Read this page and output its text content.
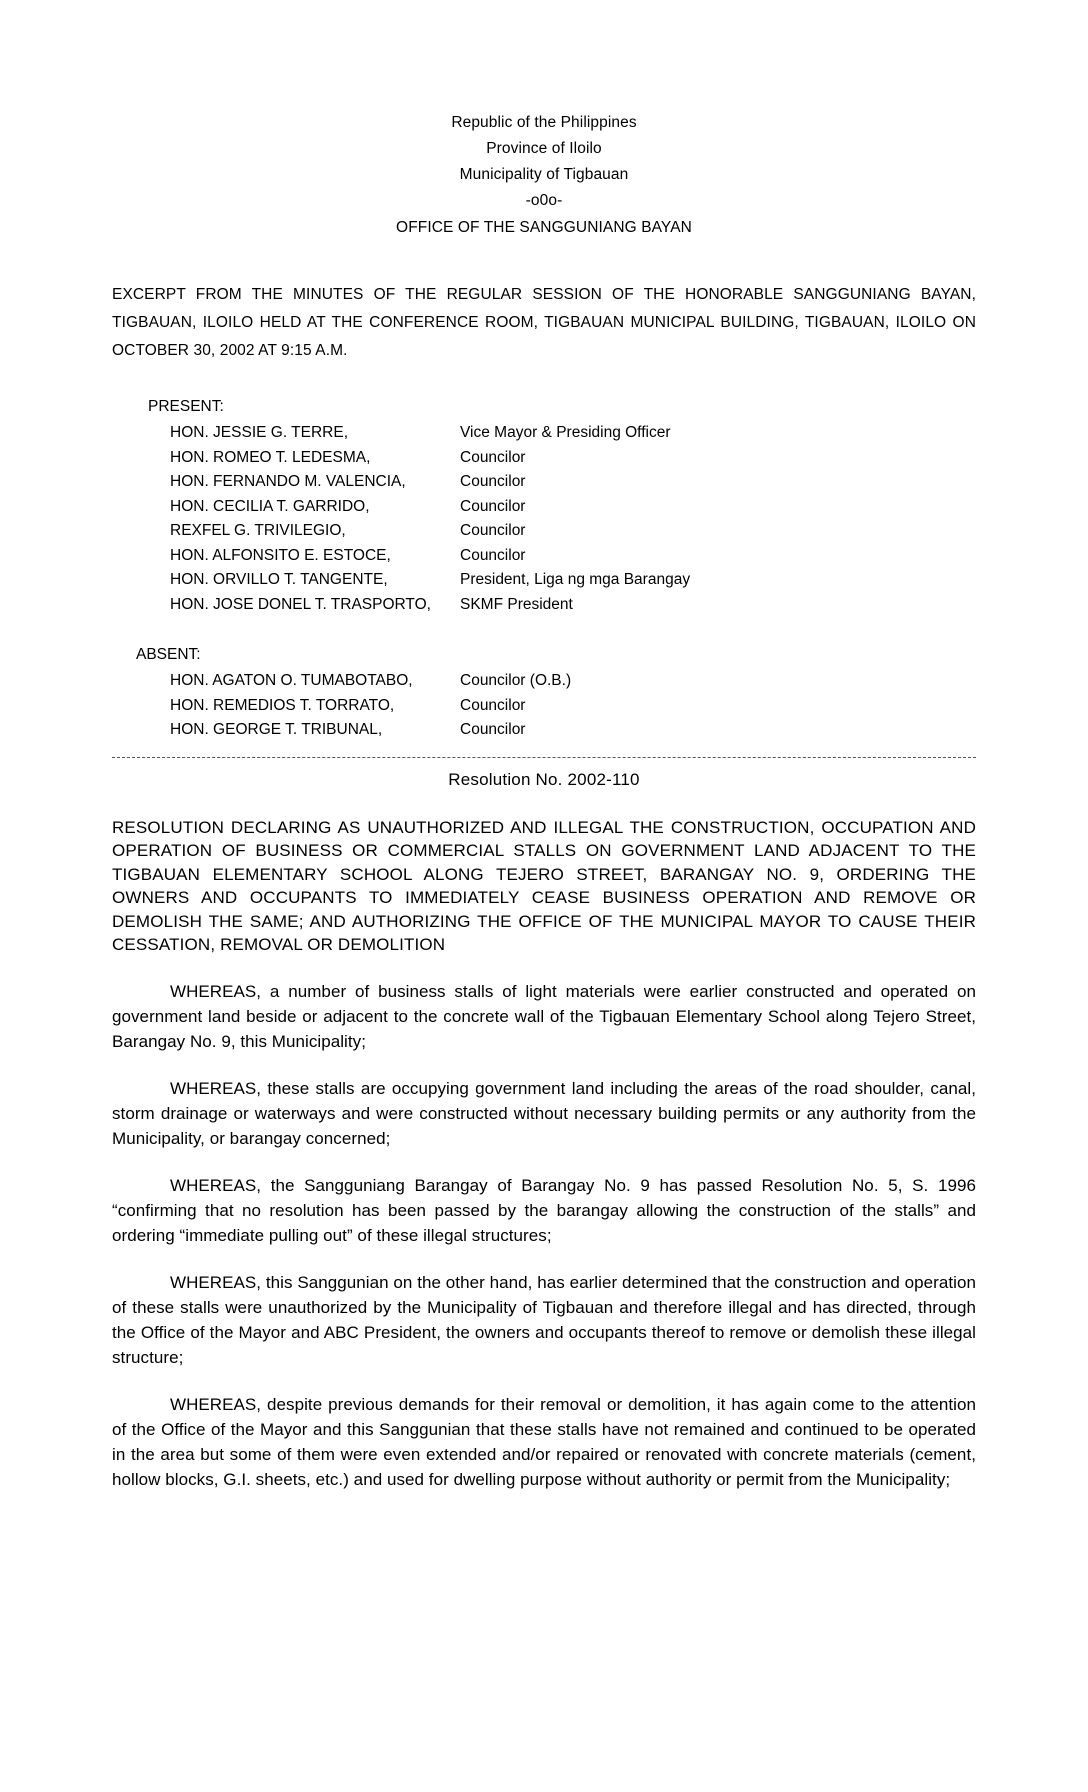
Republic of the Philippines
Province of Iloilo
Municipality of Tigbauan
-o0o-
OFFICE OF THE SANGGUNIANG BAYAN
EXCERPT FROM THE MINUTES OF THE REGULAR SESSION OF THE HONORABLE SANGGUNIANG BAYAN, TIGBAUAN, ILOILO HELD AT THE CONFERENCE ROOM, TIGBAUAN MUNICIPAL BUILDING, TIGBAUAN, ILOILO ON OCTOBER 30, 2002 AT 9:15 A.M.
PRESENT:
HON. JESSIE G. TERRE,	Vice Mayor & Presiding Officer
HON. ROMEO T. LEDESMA,	Councilor
HON. FERNANDO M. VALENCIA,	Councilor
HON. CECILIA T. GARRIDO,	Councilor
REXFEL G. TRIVILEGIO,	Councilor
HON. ALFONSITO E. ESTOCE,	Councilor
HON. ORVILLO T. TANGENTE,	President, Liga ng mga Barangay
HON. JOSE DONEL T. TRASPORTO,	SKMF President
ABSENT:
HON. AGATON O. TUMABOTABO,	Councilor (O.B.)
HON. REMEDIOS T. TORRATO,	Councilor
HON. GEORGE T. TRIBUNAL,	Councilor
Resolution No. 2002-110
RESOLUTION DECLARING AS UNAUTHORIZED AND ILLEGAL THE CONSTRUCTION, OCCUPATION AND OPERATION OF BUSINESS OR COMMERCIAL STALLS ON GOVERNMENT LAND ADJACENT TO THE TIGBAUAN ELEMENTARY SCHOOL ALONG TEJERO STREET, BARANGAY NO. 9, ORDERING THE OWNERS AND OCCUPANTS TO IMMEDIATELY CEASE BUSINESS OPERATION AND REMOVE OR DEMOLISH THE SAME; AND AUTHORIZING THE OFFICE OF THE MUNICIPAL MAYOR TO CAUSE THEIR CESSATION, REMOVAL OR DEMOLITION
WHEREAS, a number of business stalls of light materials were earlier constructed and operated on government land beside or adjacent to the concrete wall of the Tigbauan Elementary School along Tejero Street, Barangay No. 9, this Municipality;
WHEREAS, these stalls are occupying government land including the areas of the road shoulder, canal, storm drainage or waterways and were constructed without necessary building permits or any authority from the Municipality, or barangay concerned;
WHEREAS, the Sangguniang Barangay of Barangay No. 9 has passed Resolution No. 5, S. 1996 “confirming that no resolution has been passed by the barangay allowing the construction of the stalls” and ordering “immediate pulling out” of these illegal structures;
WHEREAS, this Sanggunian on the other hand, has earlier determined that the construction and operation of these stalls were unauthorized by the Municipality of Tigbauan and therefore illegal and has directed, through the Office of the Mayor and ABC President, the owners and occupants thereof to remove or demolish these illegal structure;
WHEREAS, despite previous demands for their removal or demolition, it has again come to the attention of the Office of the Mayor and this Sanggunian that these stalls have not remained and continued to be operated in the area but some of them were even extended and/or repaired or renovated with concrete materials (cement, hollow blocks, G.I. sheets, etc.) and used for dwelling purpose without authority or permit from the Municipality;
